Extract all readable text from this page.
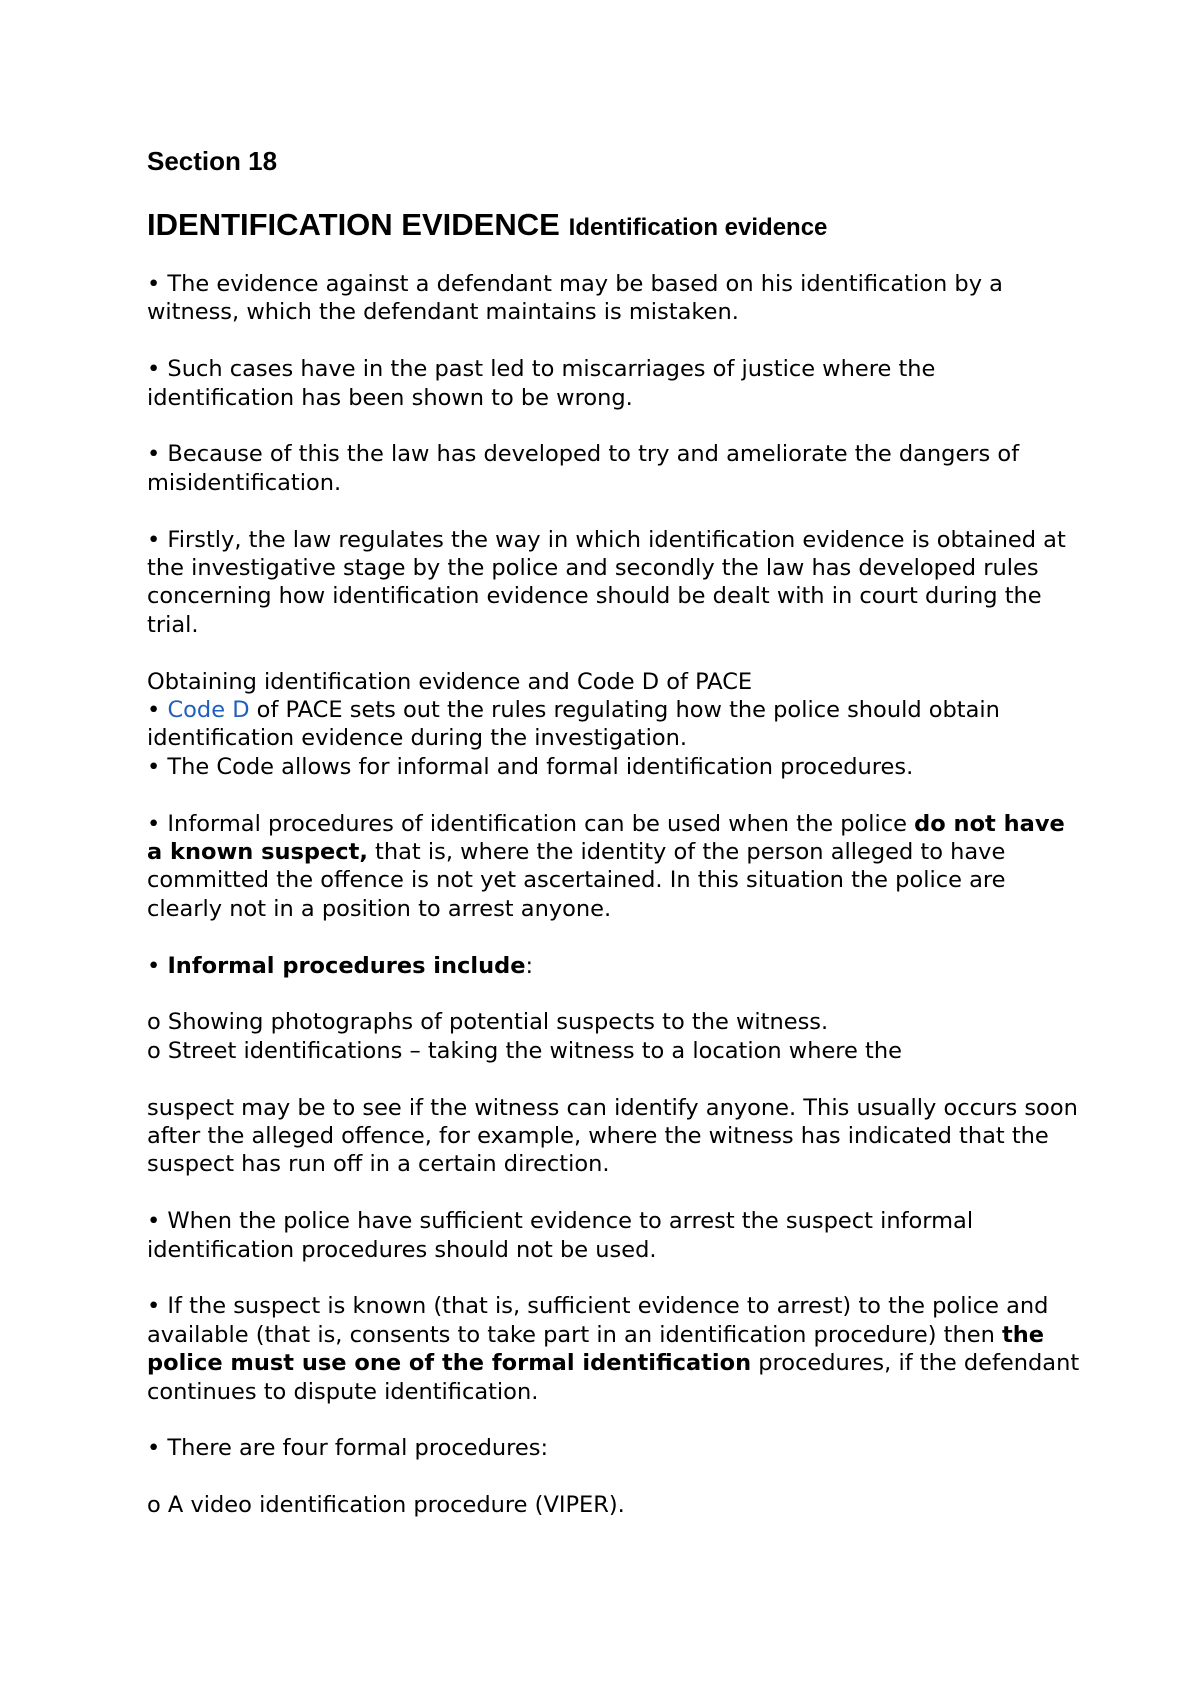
Section 18
IDENTIFICATION EVIDENCE Identification evidence

• The evidence against a defendant may be based on his identification by a witness, which the defendant maintains is mistaken.

• Such cases have in the past led to miscarriages of justice where the identification has been shown to be wrong.

• Because of this the law has developed to try and ameliorate the dangers of misidentification.

• Firstly, the law regulates the way in which identification evidence is obtained at the investigative stage by the police and secondly the law has developed rules concerning how identification evidence should be dealt with in court during the trial.

Obtaining identification evidence and Code D of PACE
• Code D of PACE sets out the rules regulating how the police should obtain identification evidence during the investigation.
• The Code allows for informal and formal identification procedures.

• Informal procedures of identification can be used when the police do not have a known suspect, that is, where the identity of the person alleged to have committed the offence is not yet ascertained. In this situation the police are clearly not in a position to arrest anyone.

• Informal procedures include:

o Showing photographs of potential suspects to the witness.
o Street identifications – taking the witness to a location where the

suspect may be to see if the witness can identify anyone. This usually occurs soon after the alleged offence, for example, where the witness has indicated that the suspect has run off in a certain direction.

• When the police have sufficient evidence to arrest the suspect informal identification procedures should not be used.

• If the suspect is known (that is, sufficient evidence to arrest) to the police and available (that is, consents to take part in an identification procedure) then the police must use one of the formal identification procedures, if the defendant continues to dispute identification.

• There are four formal procedures:

o A video identification procedure (VIPER).
